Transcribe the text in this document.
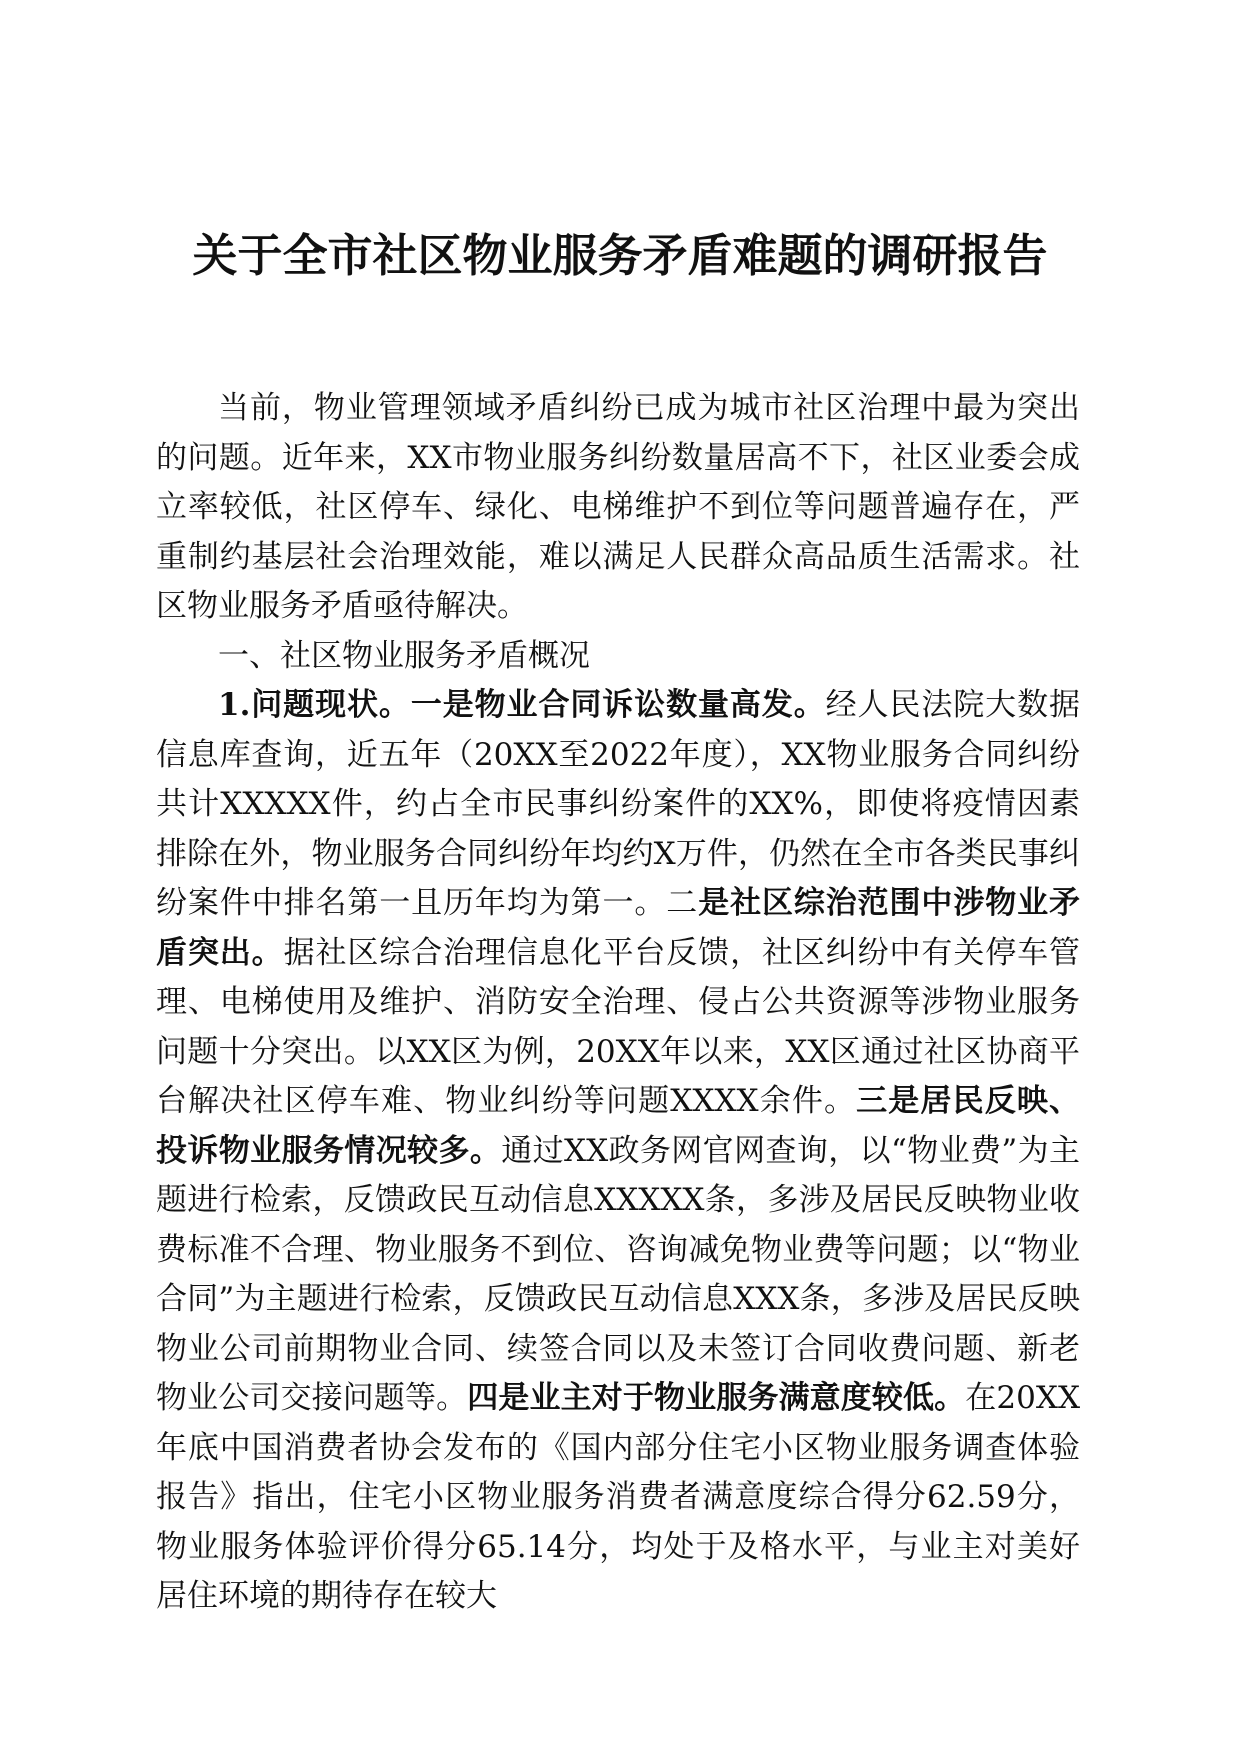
关于全市社区物业服务矛盾难题的调研报告

当前，物业管理领域矛盾纠纷已成为城市社区治理中最为突出的问题。近年来，XX市物业服务纠纷数量居高不下，社区业委会成立率较低，社区停车、绿化、电梯维护不到位等问题普遍存在，严重制约基层社会治理效能，难以满足人民群众高品质生活需求。社区物业服务矛盾亟待解决。

一、社区物业服务矛盾概况

1.问题现状。一是物业合同诉讼数量高发。经人民法院大数据信息库查询，近五年（20XX至2022年度），XX物业服务合同纠纷共计XXXXX件，约占全市民事纠纷案件的XX%，即使将疫情因素排除在外，物业服务合同纠纷年均约X万件，仍然在全市各类民事纠纷案件中排名第一且历年均为第一。二是社区综治范围中涉物业矛盾突出。据社区综合治理信息化平台反馈，社区纠纷中有关停车管理、电梯使用及维护、消防安全治理、侵占公共资源等涉物业服务问题十分突出。以XX区为例，20XX年以来，XX区通过社区协商平台解决社区停车难、物业纠纷等问题XXXX余件。三是居民反映、投诉物业服务情况较多。通过XX政务网官网查询，以“物业费”为主题进行检索，反馈政民互动信息XXXXX条，多涉及居民反映物业收费标准不合理、物业服务不到位、咨询减免物业费等问题；以“物业合同”为主题进行检索，反馈政民互动信息XXX条，多涉及居民反映物业公司前期物业合同、续签合同以及未签订合同收费问题、新老物业公司交接问题等。四是业主对于物业服务满意度较低。在20XX年底中国消费者协会发布的《国内部分住宅小区物业服务调查体验报告》指出，住宅小区物业服务消费者满意度综合得分62.59分，物业服务体验评价得分65.14分，均处于及格水平，与业主对美好居住环境的期待存在较大
